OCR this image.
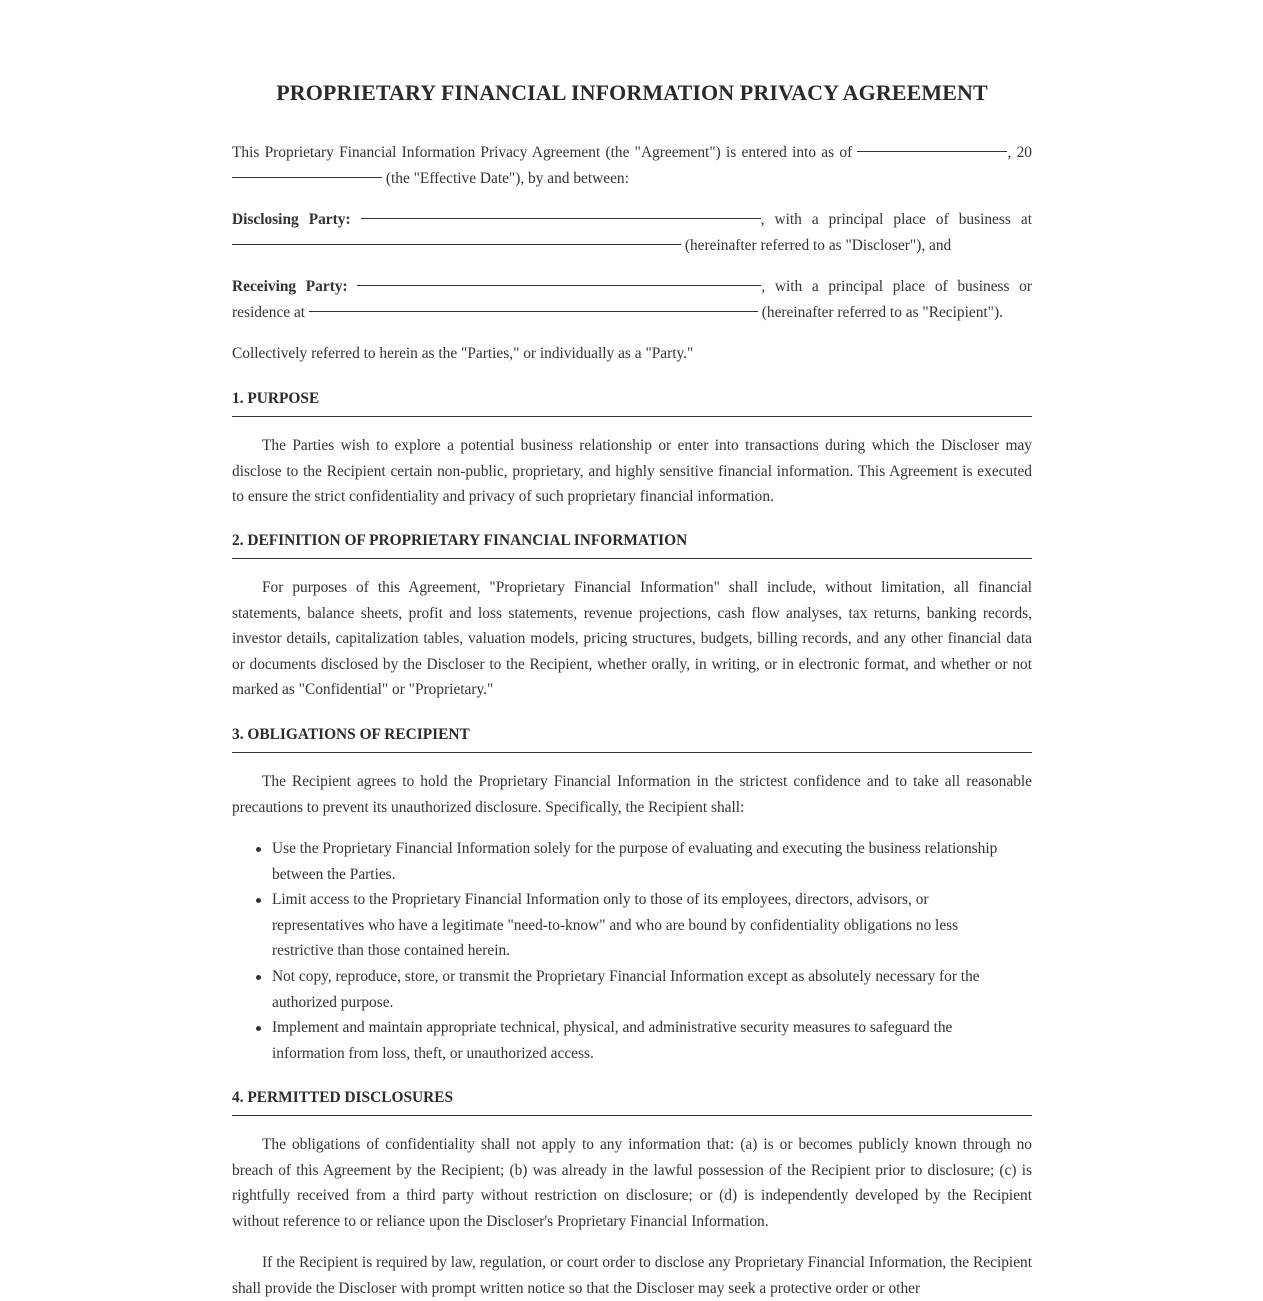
PROPRIETARY FINANCIAL INFORMATION PRIVACY AGREEMENT

This Proprietary Financial Information Privacy Agreement (the "Agreement") is entered into as of	, 20 (the "Effective Date"), by and between:

Disclosing Party:	, with a principal place of business at  (hereinafter referred to as "Discloser"), and

Receiving Party:	, with a principal place of business or residence at	(hereinafter referred to as "Recipient").

Collectively referred to herein as the "Parties," or individually as a "Party."

1. PURPOSE

The Parties wish to explore a potential business relationship or enter into transactions during which the Discloser may disclose to the Recipient certain non-public, proprietary, and highly sensitive financial information. This Agreement is executed to ensure the strict confidentiality and privacy of such proprietary financial information.

2. DEFINITION OF PROPRIETARY FINANCIAL INFORMATION

For purposes of this Agreement, "Proprietary Financial Information" shall include, without limitation, all financial statements, balance sheets, profit and loss statements, revenue projections, cash flow analyses, tax returns, banking records, investor details, capitalization tables, valuation models, pricing structures, budgets, billing records, and any other financial data or documents disclosed by the Discloser to the Recipient, whether orally, in writing, or in electronic format, and whether or not marked as "Confidential" or "Proprietary."

3. OBLIGATIONS OF RECIPIENT

The Recipient agrees to hold the Proprietary Financial Information in the strictest confidence and to take all reasonable precautions to prevent its unauthorized disclosure. Specifically, the Recipient shall:

Use the Proprietary Financial Information solely for the purpose of evaluating and executing the business relationship between the Parties.
Limit access to the Proprietary Financial Information only to those of its employees, directors, advisors, or representatives who have a legitimate "need-to-know" and who are bound by confidentiality obligations no less restrictive than those contained herein.
Not copy, reproduce, store, or transmit the Proprietary Financial Information except as absolutely necessary for the authorized purpose.
Implement and maintain appropriate technical, physical, and administrative security measures to safeguard the information from loss, theft, or unauthorized access.
4. PERMITTED DISCLOSURES

The obligations of confidentiality shall not apply to any information that: (a) is or becomes publicly known through no breach of this Agreement by the Recipient; (b) was already in the lawful possession of the Recipient prior to disclosure; (c) is rightfully received from a third party without restriction on disclosure; or (d) is independently developed by the Recipient without reference to or reliance upon the Discloser's Proprietary Financial Information.

If the Recipient is required by law, regulation, or court order to disclose any Proprietary Financial Information, the Recipient shall provide the Discloser with prompt written notice so that the Discloser may seek a protective order or other
